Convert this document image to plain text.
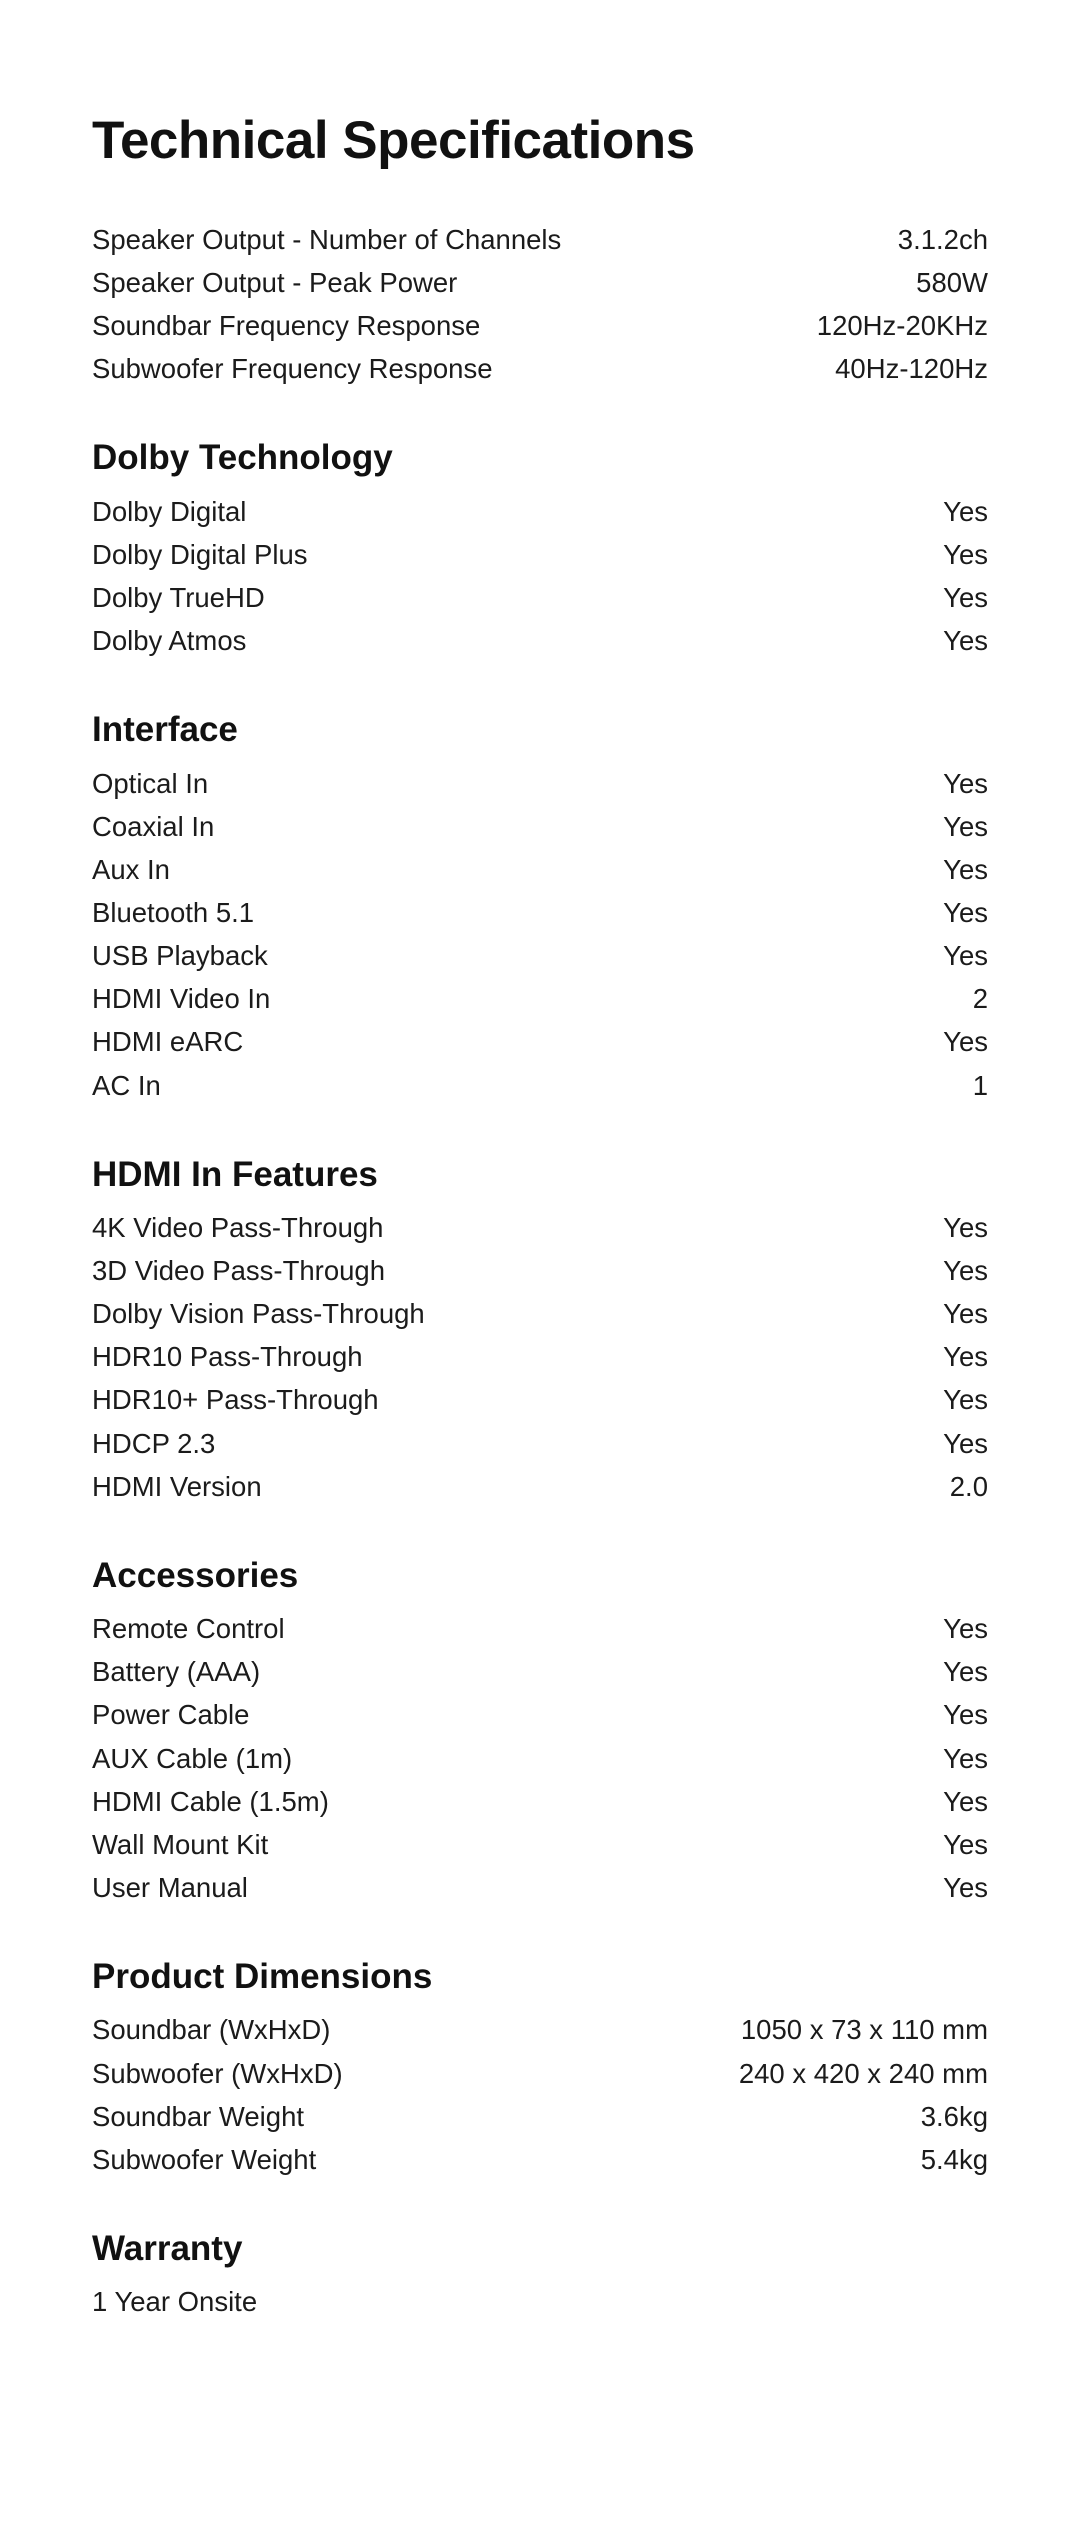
Technical Specifications
Speaker Output - Number of Channels	3.1.2ch
Speaker Output - Peak Power	580W
Soundbar Frequency Response	120Hz-20KHz
Subwoofer Frequency Response	40Hz-120Hz
Dolby Technology
Dolby Digital	Yes
Dolby Digital Plus	Yes
Dolby TrueHD	Yes
Dolby Atmos	Yes
Interface
Optical In	Yes
Coaxial In	Yes
Aux In	Yes
Bluetooth 5.1	Yes
USB Playback	Yes
HDMI Video In	2
HDMI eARC	Yes
AC In	1
HDMI In Features
4K Video Pass-Through	Yes
3D Video Pass-Through	Yes
Dolby Vision Pass-Through	Yes
HDR10 Pass-Through	Yes
HDR10+ Pass-Through	Yes
HDCP 2.3	Yes
HDMI Version	2.0
Accessories
Remote Control	Yes
Battery (AAA)	Yes
Power Cable	Yes
AUX Cable (1m)	Yes
HDMI Cable (1.5m)	Yes
Wall Mount Kit	Yes
User Manual	Yes
Product Dimensions
Soundbar (WxHxD)	1050 x 73 x 110 mm
Subwoofer (WxHxD)	240 x 420 x 240 mm
Soundbar Weight	3.6kg
Subwoofer Weight	5.4kg
Warranty
1 Year Onsite
